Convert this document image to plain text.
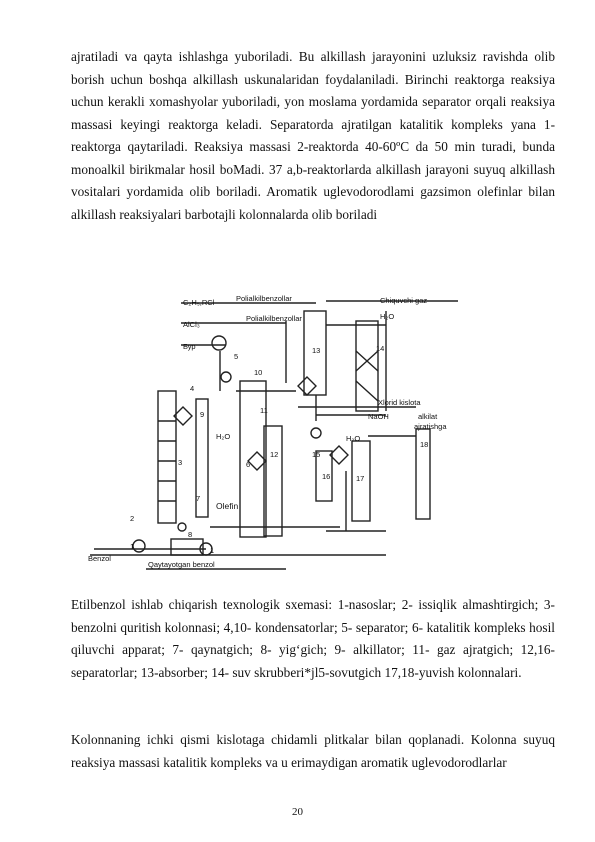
ajratiladi va qayta ishlashga yuboriladi. Bu alkillash jarayonini uzluksiz ravishda olib borish uchun boshqa alkillash uskunalaridan foydalaniladi. Birinchi reaktorga reaksiya uchun kerakli xomashyolar yuboriladi, yon moslama yordamida separator orqali reaksiya massasi keyingi reaktorga keladi. Separatorda ajratilgan katalitik kompleks yana 1-reaktorga qaytariladi. Reaksiya massasi 2-reaktorda 40-60ºC da 50 min turadi, bunda monoalkil birikmalar hosil boMadi. 37 a,b-reaktorlarda alkillash jarayoni suyuq alkillash vositalari yordamida olib boriladi. Aromatik uglevodorodlami gazsimon olefinlar bilan alkillash reaksiyalari barbotajli kolonnalarda olib boriladi
C₂H₅,RCl
AlCl₃
Бур
Polialkilbenzollar
Polialkilbenzollar
Chiquvchi gaz
H₂O
H₂O	H₂O
Xlorid kislota
NaOH	alkilat
ajratishga
Olefin
Benzol
Qaytayotgan benzol
1
2
3
4
5
6
7
8
9
10
11
12
13	14
15
16	17
18
1
Etilbenzol ishlab chiqarish texnologik sxemasi: 1-nasoslar; 2- issiqlik almashtirgich; 3- benzolni quritish kolonnasi; 4,10- kondensatorlar; 5- separator; 6- katalitik kompleks hosil qiluvchi apparat; 7- qaynatgich; 8- yig‘gich; 9- alkillator; 11- gaz ajratgich; 12,16-separatorlar; 13-absorber; 14- suv skrubberi*jl5-sovutgich 17,18-yuvish kolonnalari.
Kolonnaning ichki qismi kislotaga chidamli plitkalar bilan qoplanadi. Kolonna suyuq reaksiya massasi katalitik kompleks va u erimaydigan aromatik uglevodorodlarlar
20
